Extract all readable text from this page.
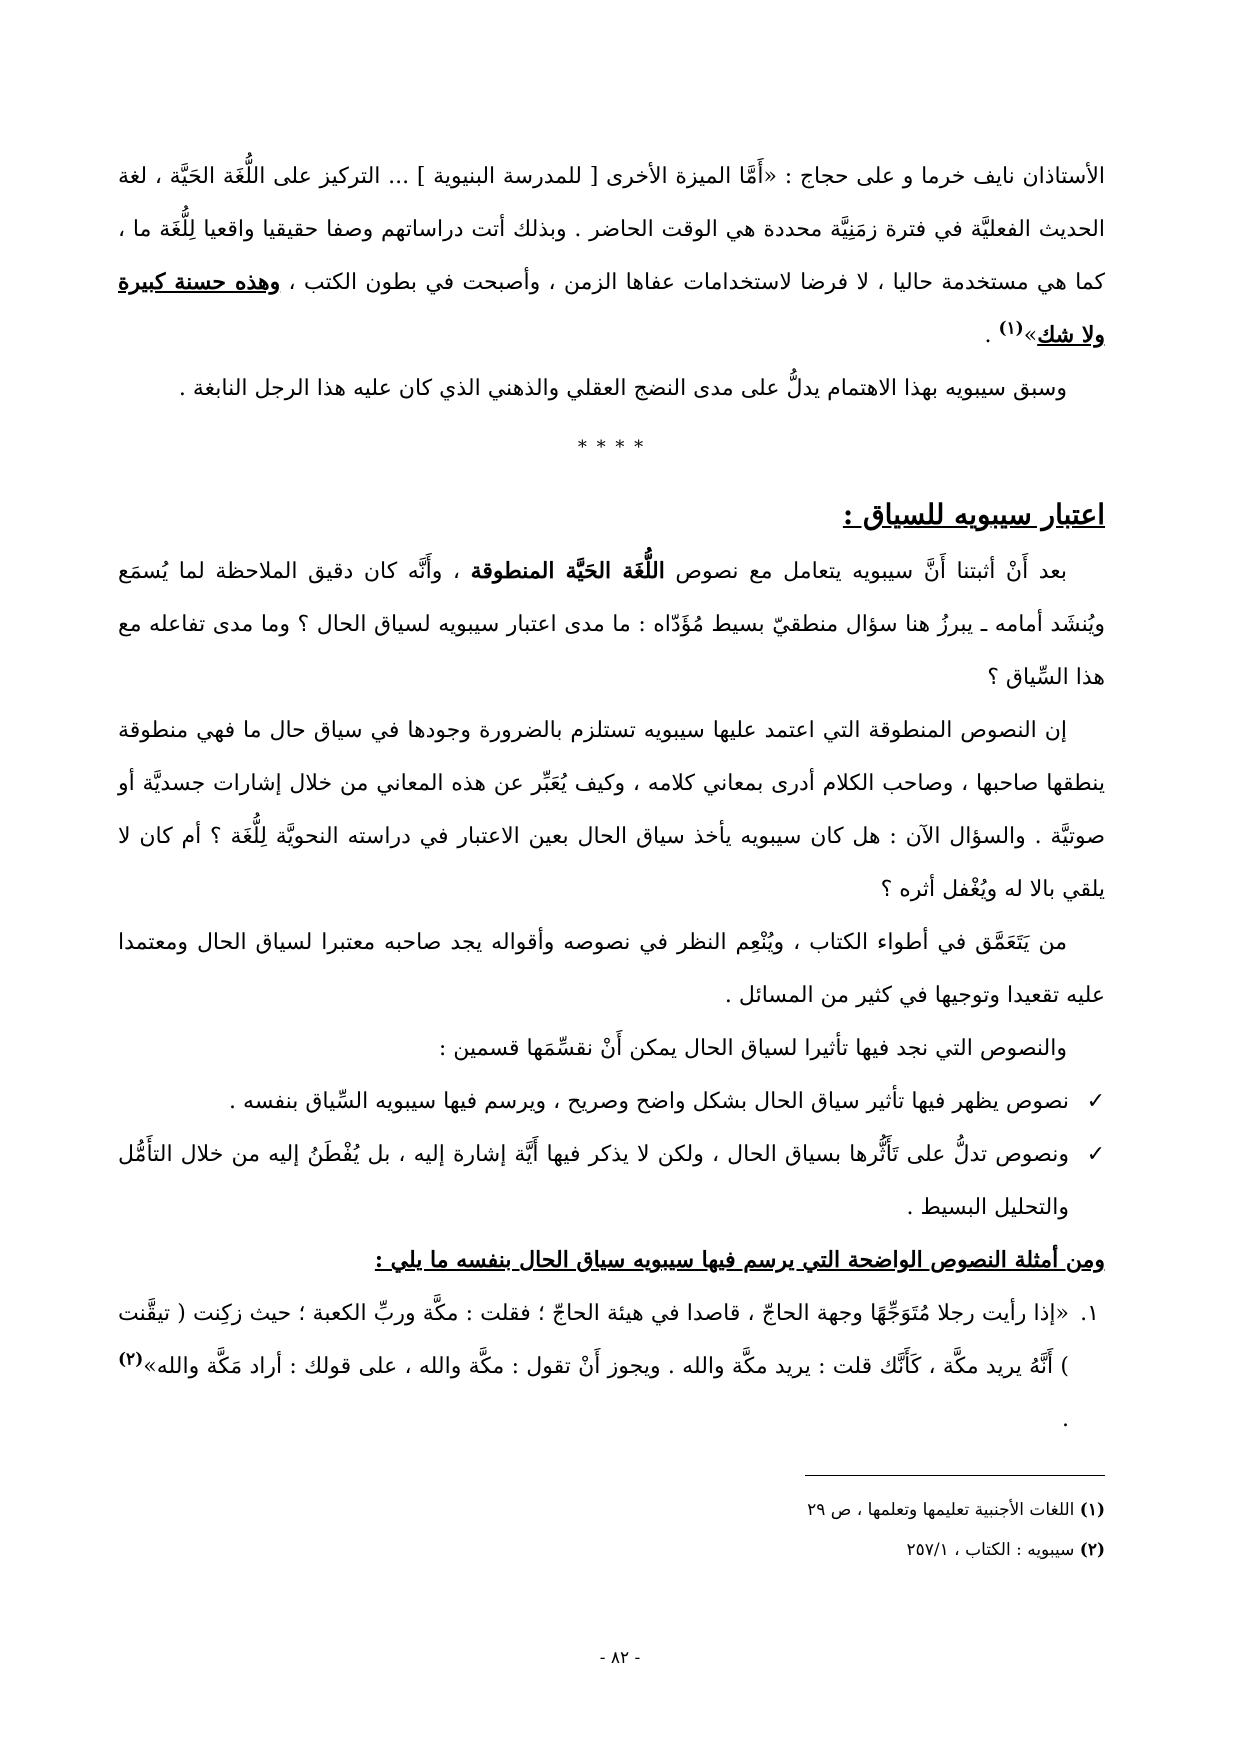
الأستاذان نايف خرما و على حجاج : «أَمَّا الميزة الأخرى [ للمدرسة البنيوية ] ... التركيز على اللُّغَة الحَيَّة ، لغة الحديث الفعليَّة في فترة زمَنِيَّة محددة هي الوقت الحاضر . وبذلك أتت دراساتهم وصفا حقيقيا واقعيا لِلُّغَة ما ، كما هي مستخدمة حاليا ، لا فرضا لاستخدامات عفاها الزمن ، وأصبحت في بطون الكتب ، وهذه حسنة كبيرة ولا شك»$^{(١)}$ .

وسبق سيبويه بهذا الاهتمام يدلُّ على مدى النضج العقلي والذهني الذي كان عليه هذا الرجل النابغة .

* * * *
اعتبار سيبويه للسياق :

بعد أَنْ أثبتنا أَنَّ سيبويه يتعامل مع نصوص اللُّغَة الحَيَّة المنطوقة ، وأَنَّه كان دقيق الملاحظة لما يُسمَع ويُنشَد أمامه ـ يبرزُ هنا سؤال منطقيّ بسيط مُؤَدّاه : ما مدى اعتبار سيبويه لسياق الحال ؟ وما مدى تفاعله مع هذا السِّياق ؟

إن النصوص المنطوقة التي اعتمد عليها سيبويه تستلزم بالضرورة وجودها في سياق حال ما فهي منطوقة ينطقها صاحبها ، وصاحب الكلام أدرى بمعاني كلامه ، وكيف يُعَبِّر عن هذه المعاني من خلال إشارات جسديَّة أو صوتيَّة . والسؤال الآن : هل كان سيبويه يأخذ سياق الحال بعين الاعتبار في دراسته النحويَّة لِلُّغَة ؟ أم كان لا يلقي بالا له ويُغْفل أثره ؟

من يَتَعَمَّق في أطواء الكتاب ، ويُنْعِم النظر في نصوصه وأقواله يجد صاحبه معتبرا لسياق الحال ومعتمدا عليه تقعيدا وتوجيها في كثير من المسائل .

والنصوص التي نجد فيها تأثيرا لسياق الحال يمكن أَنْ نقسِّمَها قسمين :

✓
نصوص يظهر فيها تأثير سياق الحال بشكل واضح وصريح ، ويرسم فيها سيبويه السِّياق بنفسه .
✓
ونصوص تدلُّ على تَأَثُّرها بسياق الحال ، ولكن لا يذكر فيها أَيَّة إشارة إليه ، بل يُفْطَنُ إليه من خلال التأَمُّل والتحليل البسيط .

ومن أمثلة النصوص الواضحة التي يرسم فيها سيبويه سياق الحال بنفسه ما يلي :

١.
«إذا رأيت رجلا مُتَوَجِّهًا وجهة الحاجّ ، قاصدا في هيئة الحاجّ ؛ فقلت : مكَّة وربِّ الكعبة ؛ حيث زكِنت ( تيقَّنت ) أَنَّهُ يريد مكَّة ، كَأَنَّك قلت : يريد مكَّة والله . ويجوز أَنْ تقول : مكَّة والله ، على قولك : أراد مَكَّة والله»$^{(٢)}$ .
(١) اللغات الأجنبية تعليمها وتعلمها ، ص ٢٩
(٢) سيبويه : الكتاب ، ٢٥٧/١
- ٨٢ -
